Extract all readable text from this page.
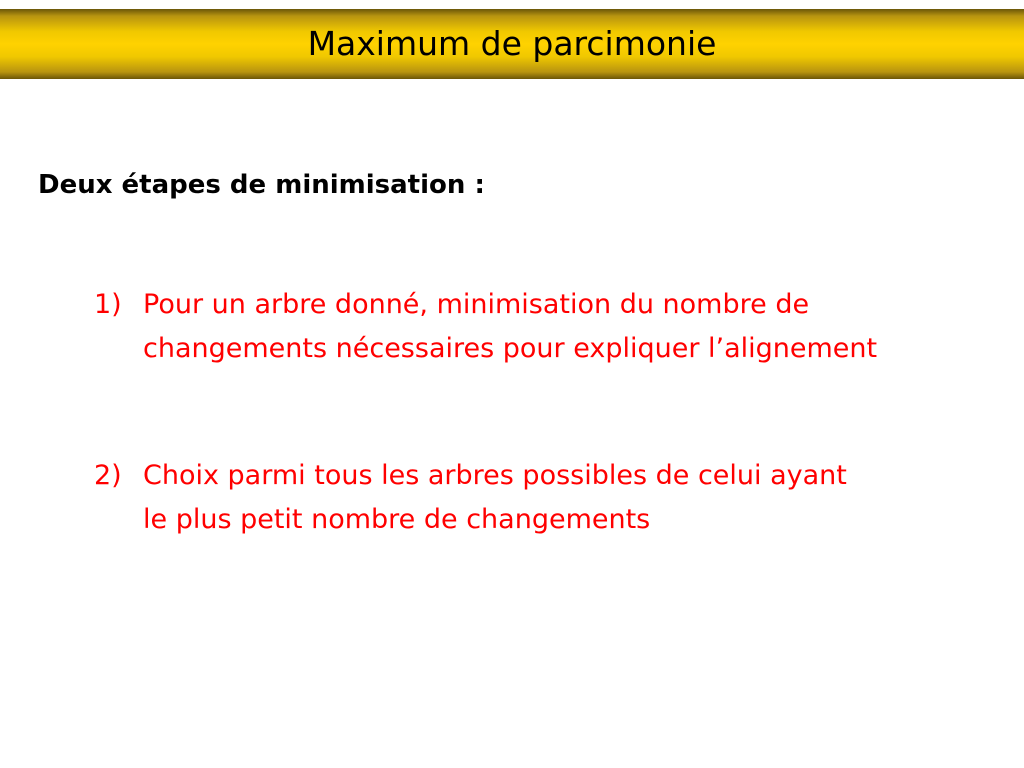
Maximum de parcimonie
Deux étapes de minimisation :
1) Pour un arbre donné, minimisation du nombre de
changements nécessaires pour expliquer l’alignement
2) Choix parmi tous les arbres possibles de celui ayant
le plus petit nombre de changements
